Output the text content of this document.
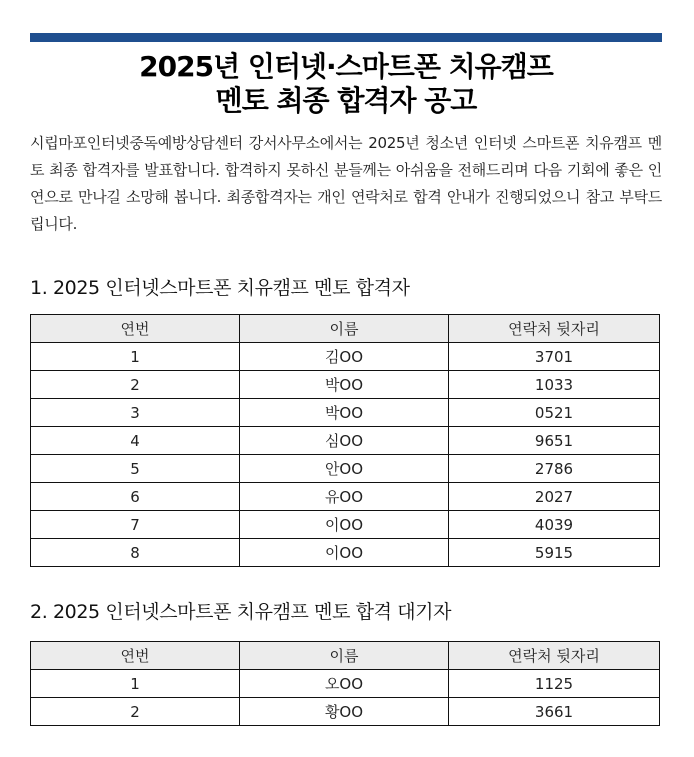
2025년 인터넷·스마트폰 치유캠프
멘토 최종 합격자 공고

시립마포인터넷중독예방상담센터 강서사무소에서는 2025년 청소년 인터넷 스마트폰 치유캠프 멘토 최종 합격자를 발표합니다. 합격하지 못하신 분들께는 아쉬움을 전해드리며 다음 기회에 좋은 인연으로 만나길 소망해 봅니다. 최종합격자는 개인 연락처로 합격 안내가 진행되었으니 참고 부탁드립니다.

1. 2025 인터넷스마트폰 치유캠프 멘토 합격자
연번	이름	연락처 뒷자리
1	김OO	3701
2	박OO	1033
3	박OO	0521
4	심OO	9651
5	안OO	2786
6	유OO	2027
7	이OO	4039
8	이OO	5915
2. 2025 인터넷스마트폰 치유캠프 멘토 합격 대기자
연번	이름	연락처 뒷자리
1	오OO	1125
2	황OO	3661
